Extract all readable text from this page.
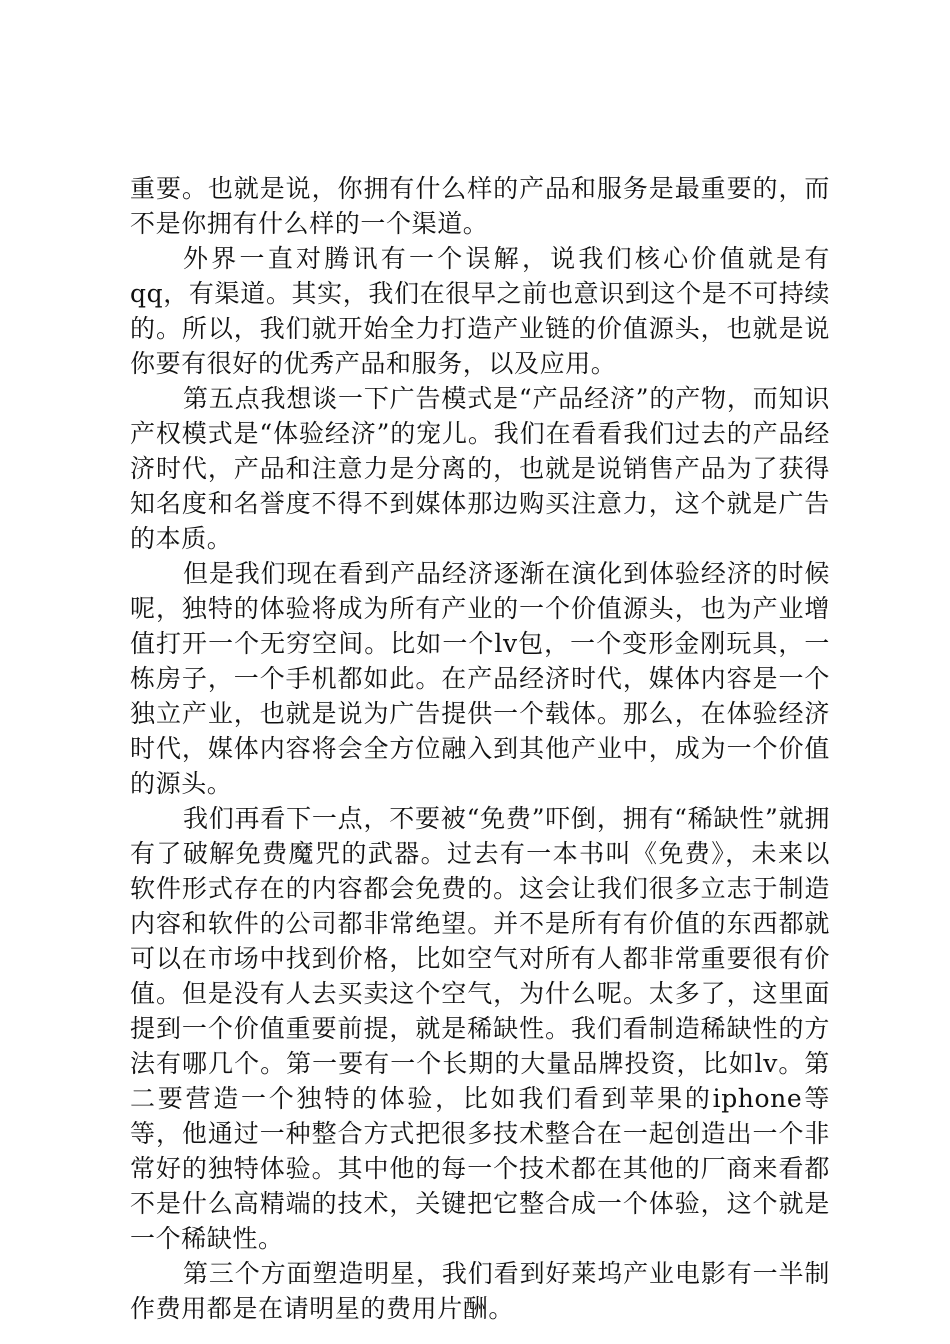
重要。也就是说，你拥有什么样的产品和服务是最重要的，而不是你拥有什么样的一个渠道。

外界一直对腾讯有一个误解，说我们核心价值就是有qq，有渠道。其实，我们在很早之前也意识到这个是不可持续的。所以，我们就开始全力打造产业链的价值源头，也就是说你要有很好的优秀产品和服务，以及应用。

第五点我想谈一下广告模式是“产品经济”的产物，而知识产权模式是“体验经济”的宠儿。我们在看看我们过去的产品经济时代，产品和注意力是分离的，也就是说销售产品为了获得知名度和名誉度不得不到媒体那边购买注意力，这个就是广告的本质。

但是我们现在看到产品经济逐渐在演化到体验经济的时候呢，独特的体验将成为所有产业的一个价值源头，也为产业增值打开一个无穷空间。比如一个lv包，一个变形金刚玩具，一栋房子，一个手机都如此。在产品经济时代，媒体内容是一个独立产业，也就是说为广告提供一个载体。那么，在体验经济时代，媒体内容将会全方位融入到其他产业中，成为一个价值的源头。

我们再看下一点，不要被“免费”吓倒，拥有“稀缺性”就拥有了破解免费魔咒的武器。过去有一本书叫《免费》，未来以软件形式存在的内容都会免费的。这会让我们很多立志于制造内容和软件的公司都非常绝望。并不是所有有价值的东西都就可以在市场中找到价格，比如空气对所有人都非常重要很有价值。但是没有人去买卖这个空气，为什么呢。太多了，这里面提到一个价值重要前提，就是稀缺性。我们看制造稀缺性的方法有哪几个。第一要有一个长期的大量品牌投资，比如lv。第二要营造一个独特的体验，比如我们看到苹果的iphone等等，他通过一种整合方式把很多技术整合在一起创造出一个非常好的独特体验。其中他的每一个技术都在其他的厂商来看都不是什么高精端的技术，关键把它整合成一个体验，这个就是一个稀缺性。

第三个方面塑造明星，我们看到好莱坞产业电影有一半制作费用都是在请明星的费用片酬。
